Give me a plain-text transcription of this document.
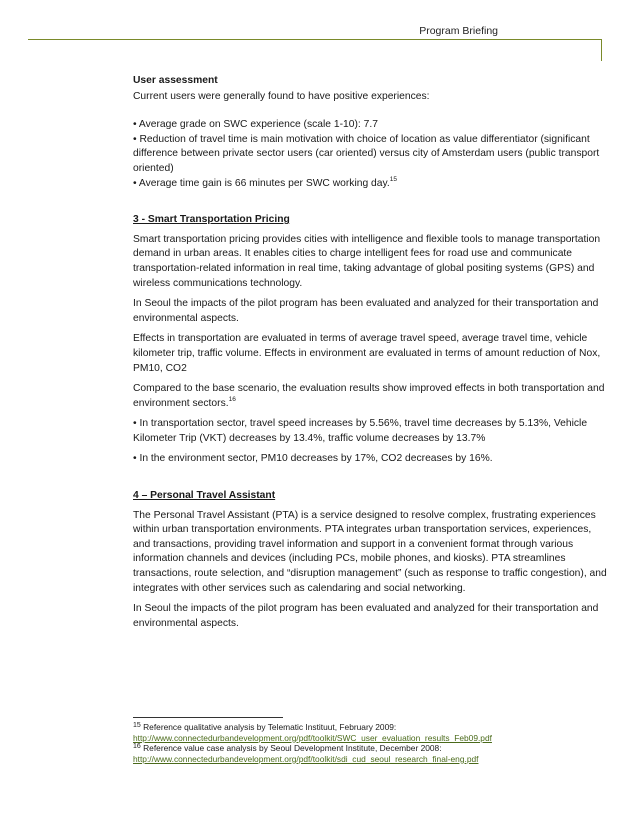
Program Briefing

User assessment

Current users were generally found to have positive experiences:

• Average grade on SWC experience (scale 1-10): 7.7

• Reduction of travel time is main motivation with choice of location as value differentiator (significant difference between private sector users (car oriented) versus city of Amsterdam users (public transport oriented)

• Average time gain is 66 minutes per SWC working day.$^{15}$

3 - Smart Transportation Pricing

Smart transportation pricing provides cities with intelligence and flexible tools to manage transportation demand in urban areas. It enables cities to charge intelligent fees for road use and communicate transportation-related information in real time, taking advantage of global positing systems (GPS) and wireless communications technology.

In Seoul the impacts of the pilot program has been evaluated and analyzed for their transportation and environmental aspects.

Effects in transportation are evaluated in terms of average travel speed, average travel time, vehicle kilometer trip, traffic volume. Effects in environment are evaluated in terms of amount reduction of Nox, PM10, CO2

Compared to the base scenario, the evaluation results show improved effects in both transportation and environment sectors.$^{16}$

• In transportation sector, travel speed increases by 5.56%, travel time decreases by 5.13%, Vehicle Kilometer Trip (VKT) decreases by 13.4%, traffic volume decreases by 13.7%

• In the environment sector, PM10 decreases by 17%, CO2 decreases by 16%.

4 – Personal Travel Assistant

The Personal Travel Assistant (PTA) is a service designed to resolve complex, frustrating experiences within urban transportation environments. PTA integrates urban transportation services, experiences, and transactions, providing travel information and support in a convenient format through various information channels and devices (including PCs, mobile phones, and kiosks). PTA streamlines transactions, route selection, and “disruption management” (such as response to traffic congestion), and integrates with other services such as calendaring and social networking.

In Seoul the impacts of the pilot program has been evaluated and analyzed for their transportation and environmental aspects.

$^{15}$ Reference qualitative analysis by Telematic Instituut, February 2009:
http://www.connectedurbandevelopment.org/pdf/toolkit/SWC_user_evaluation_results_Feb09.pdf
$^{16}$ Reference value case analysis by Seoul Development Institute, December 2008:
http://www.connectedurbandevelopment.org/pdf/toolkit/sdi_cud_seoul_research_final-eng.pdf
